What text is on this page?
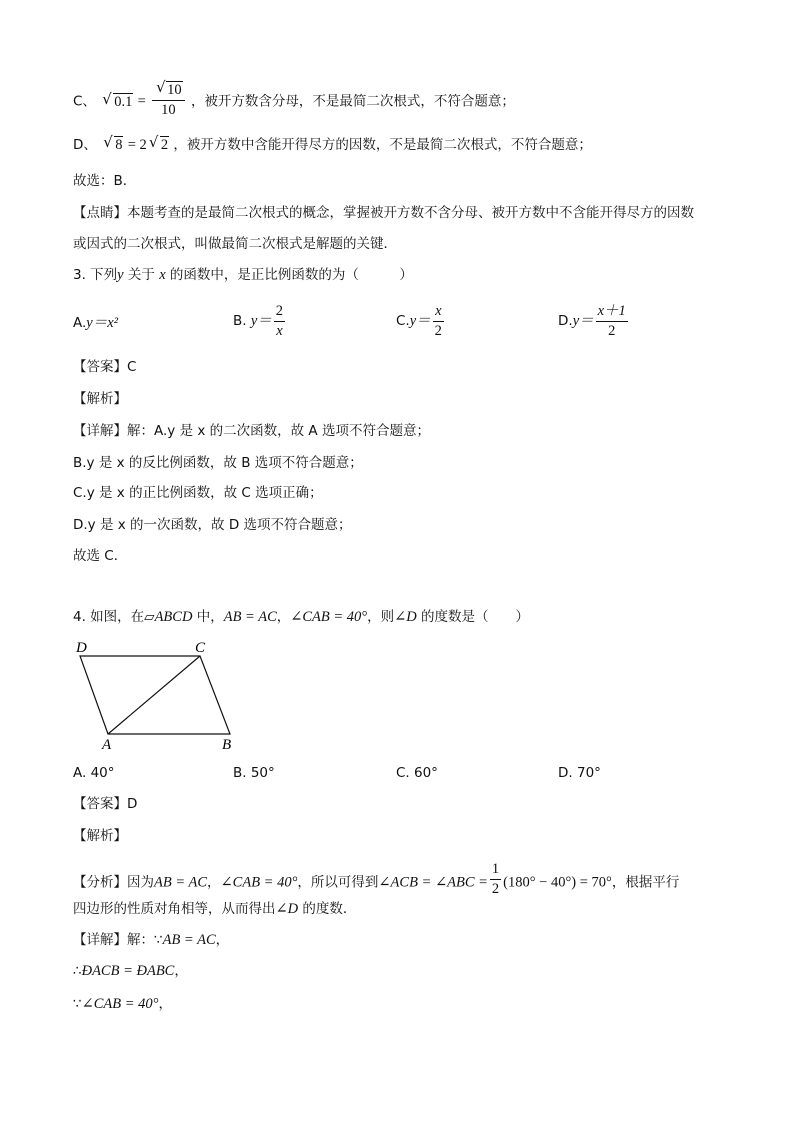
C、 √ $0.1 = \frac{√ 10}{10}$ ，被开方数含分母，不是最简二次根式，不符合题意；
D、 √ 8 = 2 √ 2 ，被开方数中含能开得尽方的因数，不是最简二次根式，不符合题意；
故选：B．
【点睛】本题考查的是最简二次根式的概念，掌握被开方数不含分母、被开方数中不含能开得尽方的因数
或因式的二次根式，叫做最简二次根式是解题的关键．
3. 下列y 关于 x 的函数中，是正比例函数的为（　　　）
A.y＝x²	B. $y= \frac{2}{x}$	$C.y= \frac{x}{2}$	$D.y= \frac{x+1}{2}$
【答案】C
【解析】
【详解】解：A.y 是 x 的二次函数，故 A 选项不符合题意；
B.y 是 x 的反比例函数，故 B 选项不符合题意；
C.y 是 x 的正比例函数，故 C 选项正确；
D.y 是 x 的一次函数，故 D 选项不符合题意；
故选 C．
4. 如图，在▱ABCD 中，AB = AC，∠CAB = 40°，则∠D 的度数是（　　）
D	C
A	B
A. 40°	B. 50°	C. 60°	D. 70°
【答案】D
【解析】
【分析】因为AB = AC，∠CAB = 40°，所以可得到∠ACB = ∠ABC = $\frac{1}{2} (180^\circ - 40^\circ) = 70^\circ$，根据平行
四边形的性质对角相等，从而得出∠D 的度数．
【详解】解：∵AB = AC，
∴ÐACB = ÐABC，
∵∠CAB = 40°，
